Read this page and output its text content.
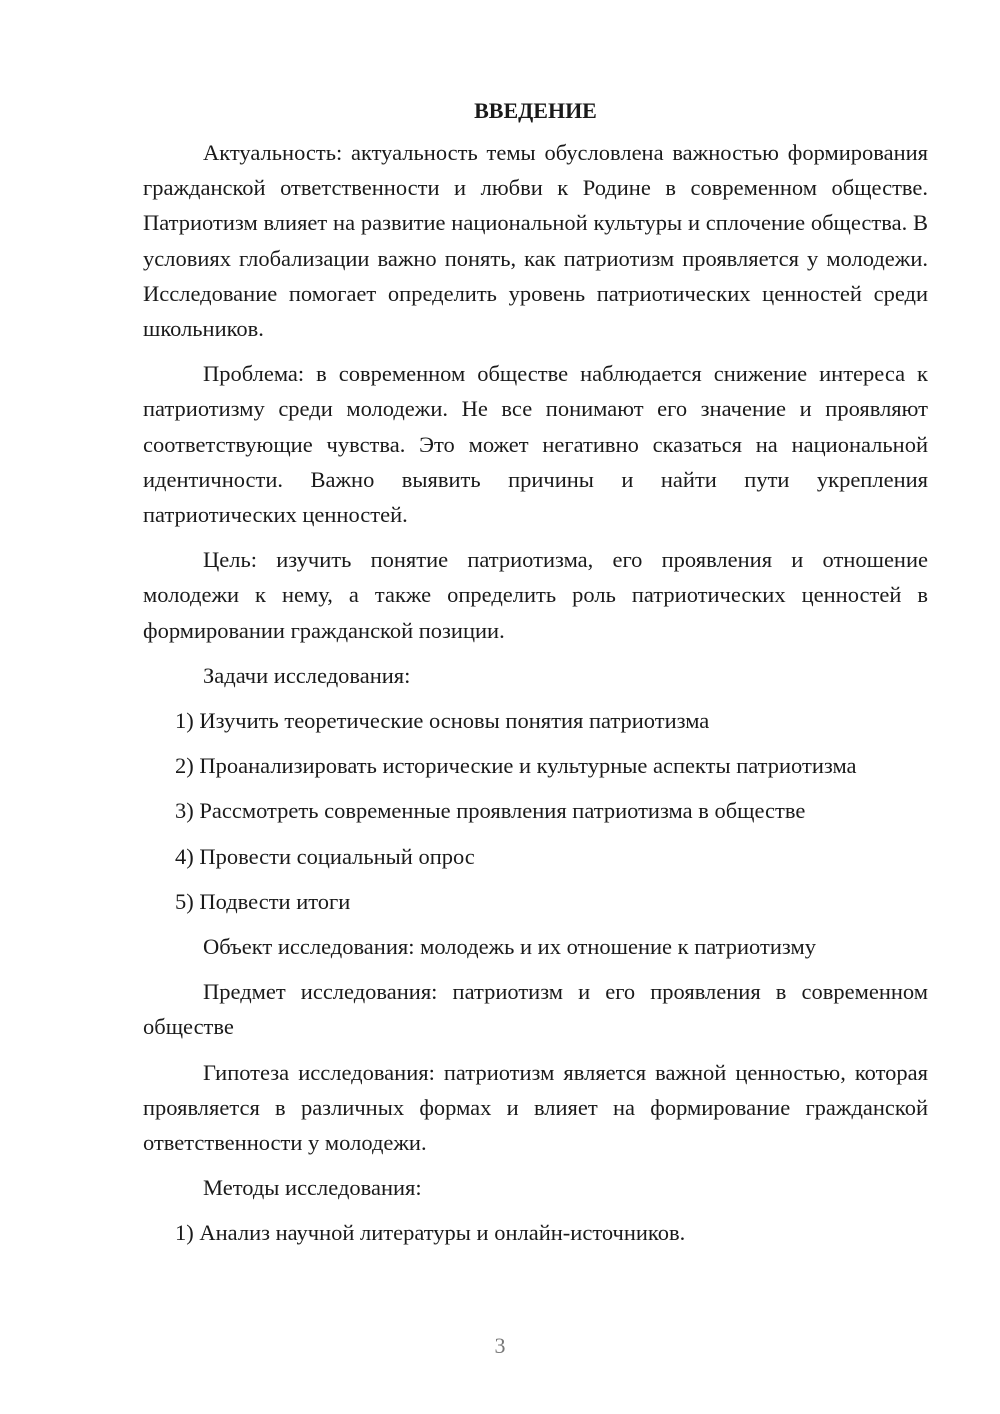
ВВЕДЕНИЕ
Актуальность: актуальность темы обусловлена важностью формирования гражданской ответственности и любви к Родине в современном обществе. Патриотизм влияет на развитие национальной культуры и сплочение общества. В условиях глобализации важно понять, как патриотизм проявляется у молодежи. Исследование помогает определить уровень патриотических ценностей среди школьников.
Проблема: в современном обществе наблюдается снижение интереса к патриотизму среди молодежи. Не все понимают его значение и проявляют соответствующие чувства. Это может негативно сказаться на национальной идентичности. Важно выявить причины и найти пути укрепления патриотических ценностей.
Цель: изучить понятие патриотизма, его проявления и отношение молодежи к нему, а также определить роль патриотических ценностей в формировании гражданской позиции.
Задачи исследования:
1) Изучить теоретические основы понятия патриотизма
2) Проанализировать исторические и культурные аспекты патриотизма
3) Рассмотреть современные проявления патриотизма в обществе
4) Провести социальный опрос
5) Подвести итоги
Объект исследования: молодежь и их отношение к патриотизму
Предмет исследования: патриотизм и его проявления в современном обществе
Гипотеза исследования: патриотизм является важной ценностью, которая проявляется в различных формах и влияет на формирование гражданской ответственности у молодежи.
Методы исследования:
1) Анализ научной литературы и онлайн-источников.
3
